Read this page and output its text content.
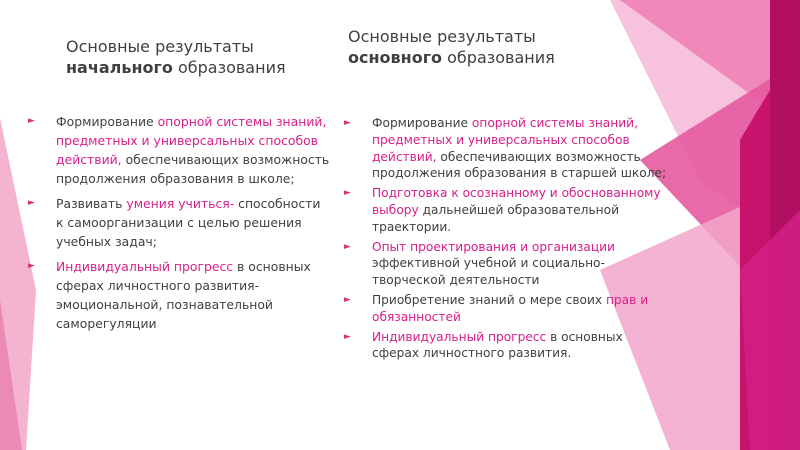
Основные результаты
начального образования
► Формирование опорной системы знаний, предметных и универсальных способов действий, обеспечивающих возможность продолжения образования в школе;
► Развивать умения учиться- способности к самоорганизации с целью решения учебных задач;
► Индивидуальный прогресс в основных сферах личностного развития-эмоциональной, познавательной саморегуляции
Основные результаты
основного образования
► Формирование опорной системы знаний, предметных и универсальных способов действий, обеспечивающих возможность продолжения образования в старшей школе;
► Подготовка к осознанному и обоснованному выбору дальнейшей образовательной траектории.
► Опыт проектирования и организации эффективной учебной и социально-творческой деятельности
► Приобретение знаний о мере своих прав и обязанностей
► Индивидуальный прогресс в основных сферах личностного развития.
